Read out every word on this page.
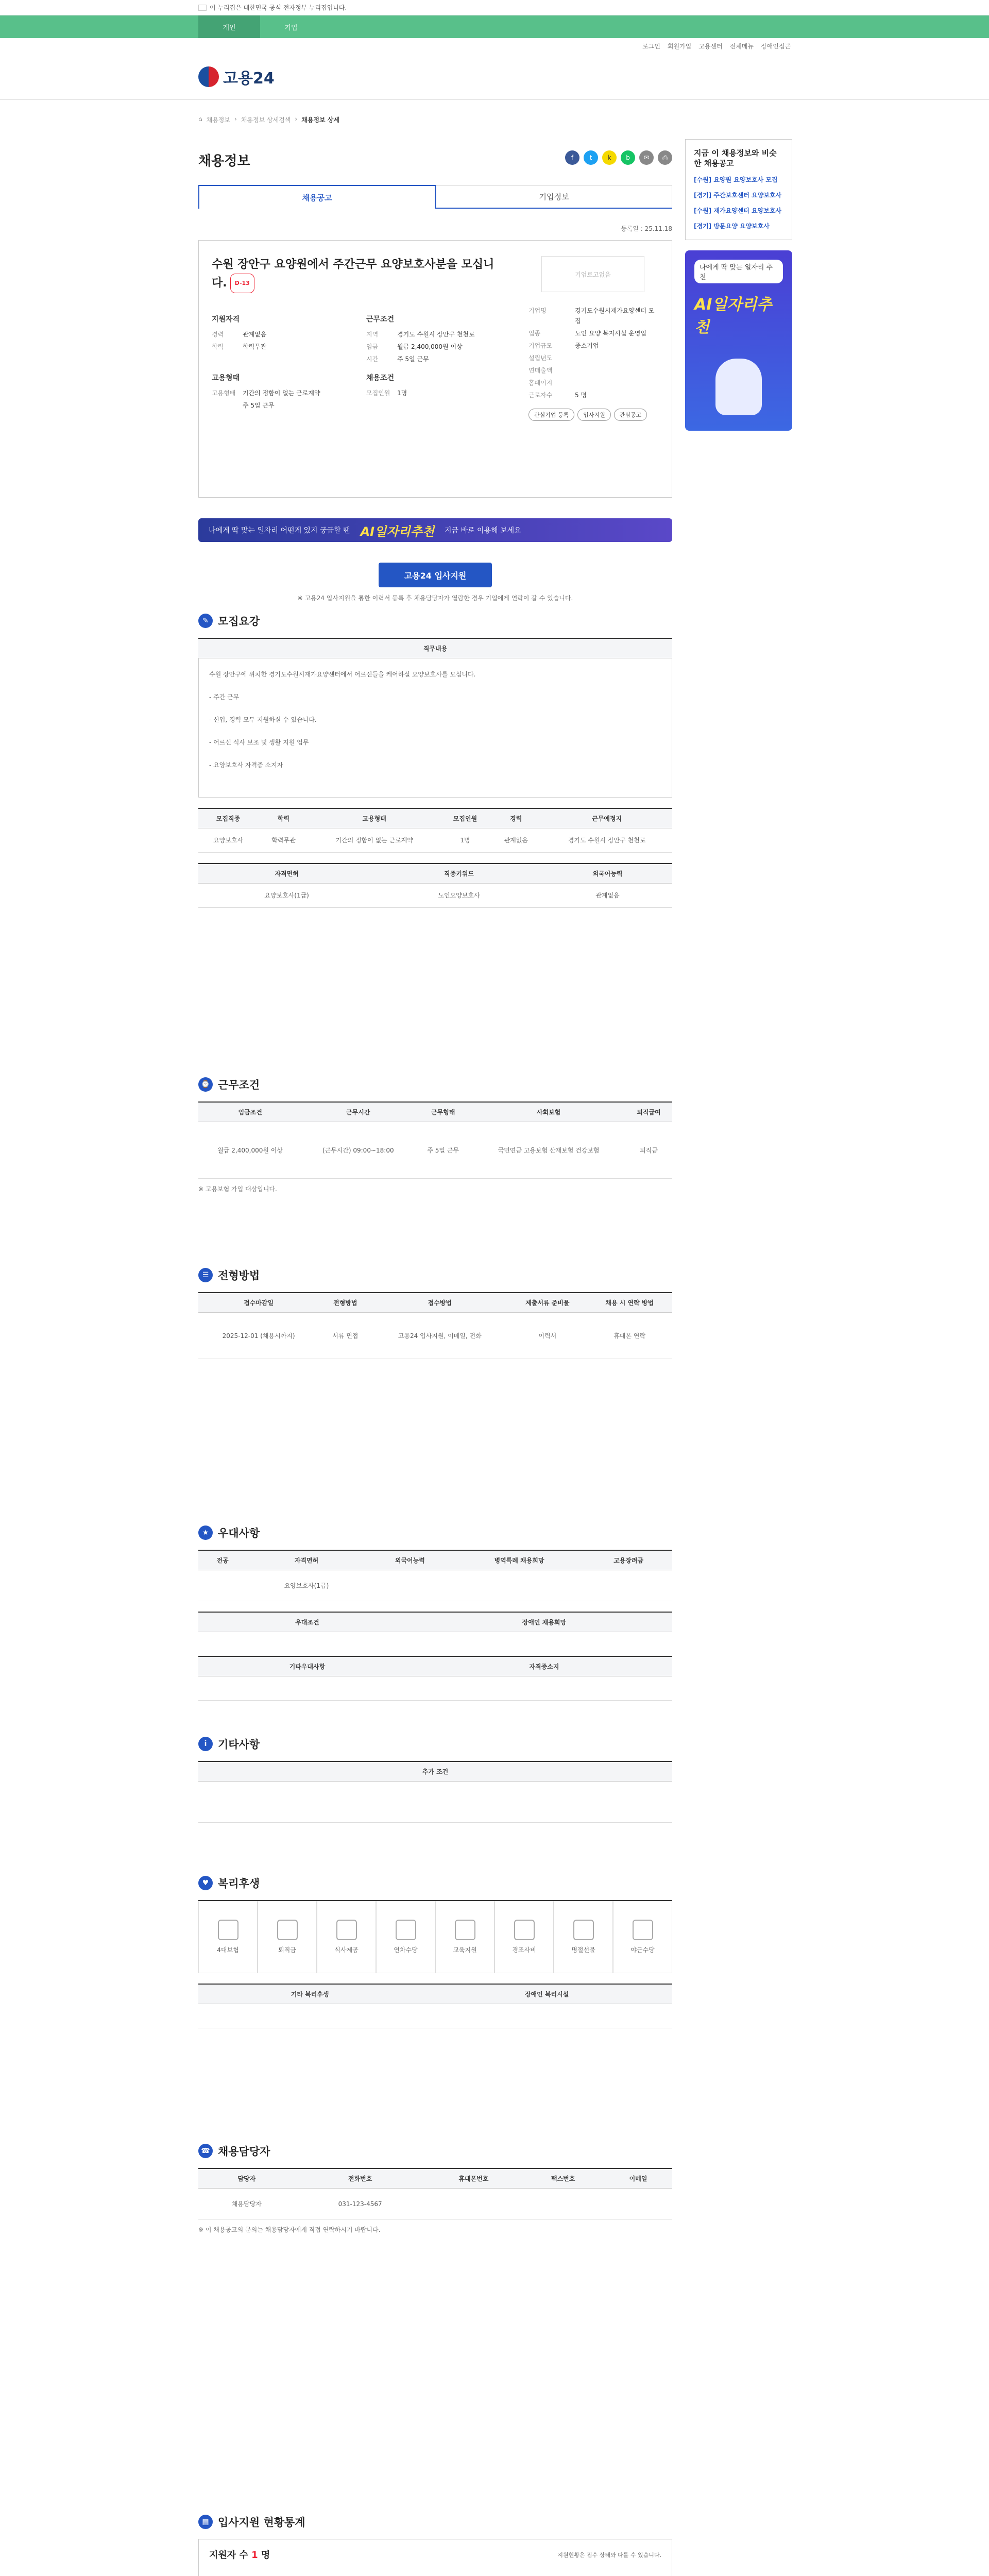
이 누리집은 대한민국 공식 전자정부 누리집입니다.
개인	기업
로그인 회원가입 고용센터 전체메뉴 장애인접근
고용24
⌂ 채용정보 › 채용정보 상세검색 › 채용정보 상세
채용정보	f	t	k	b	✉	⎙
채용공고	기업정보
등록일 : 25.11.18
수원 장안구 요양원에서 주간근무 요양보호사분을 모십니다. D-13
지원자격
경력	관계없음
학력	학력무관
고용형태
고용형태	기간의 정함이 없는 근로계약
주 5일 근무
근무조건
지역	경기도 수원시 장안구 천천로
임금	월급 2,400,000원 이상
시간	주 5일 근무
채용조건
모집인원	1명
기업로고없음
기업명	경기도수원시재가요양센터 모집
업종	노인 요양 복지시설 운영업
기업규모	중소기업
설립년도
연매출액
홈페이지
근로자수	5 명
관심기업 등록	입사지원	관심공고
나에게 딱 맞는 일자리 어떤게 있지 궁금할 땐 AI일자리추천 지금 바로 이용해 보세요
고용24 입사지원
※ 고용24 입사지원을 통한 이력서 등록 후 채용담당자가 열람한 경우 기업에게 연락이 갈 수 있습니다.
지금 이 채용정보와 비슷한 채용공고
[수원] 요양원 요양보호사 모집
[경기] 주간보호센터 요양보호사
[수원] 재가요양센터 요양보호사
[경기] 방문요양 요양보호사
나에게 딱 맞는 일자리 추천
AI일자리추천
✎ 모집요강
직무내용

수원 장안구에 위치한 경기도수원시재가요양센터에서 어르신들을 케어하실 요양보호사를 모십니다.

- 주간 근무

- 신입, 경력 모두 지원하실 수 있습니다.

- 어르신 식사 보조 및 생활 지원 업무

- 요양보호사 자격증 소지자

모집직종	학력	고용형태	모집인원	경력	근무예정지
요양보호사	학력무관	기간의 정함이 없는 근로계약	1명	관계없음	경기도 수원시 장안구 천천로
자격면허	직종키워드	외국어능력
요양보호사(1급)	노인요양보호사	관계없음
⌚ 근무조건
임금조건	근무시간	근무형태	사회보험	퇴직급여
월급 2,400,000원 이상	(근무시간) 09:00~18:00	주 5일 근무	국민연금 고용보험 산재보험 건강보험	퇴직금
※ 고용보험 가입 대상입니다.
☰ 전형방법
접수마감일	전형방법	접수방법	제출서류 준비물	채용 시 연락 방법
2025-12-01 (채용시까지)	서류 면접	고용24 입사지원, 이메일, 전화	이력서	휴대폰 연락
★ 우대사항
전공	자격면허	외국어능력	병역특례 채용희망	고용장려금
	요양보호사(1급)			
우대조건	장애인 채용희망

기타우대사항	자격증소지

i	기타사항
추가 조건

♥ 복리후생
4대보험	퇴직금	식사제공	연차수당	교육지원	경조사비	명절선물	야근수당
기타 복리후생	장애인 복리시설

☎ 채용담당자
담당자	전화번호	휴대폰번호	팩스번호	이메일
채용담당자	031-123-4567			
※ 이 채용공고의 문의는 채용담당자에게 직접 연락하시기 바랍니다.
▤ 입사지원 현황통계
지원자 수 1 명	지원현황은 접수 상태와 다를 수 있습니다.
